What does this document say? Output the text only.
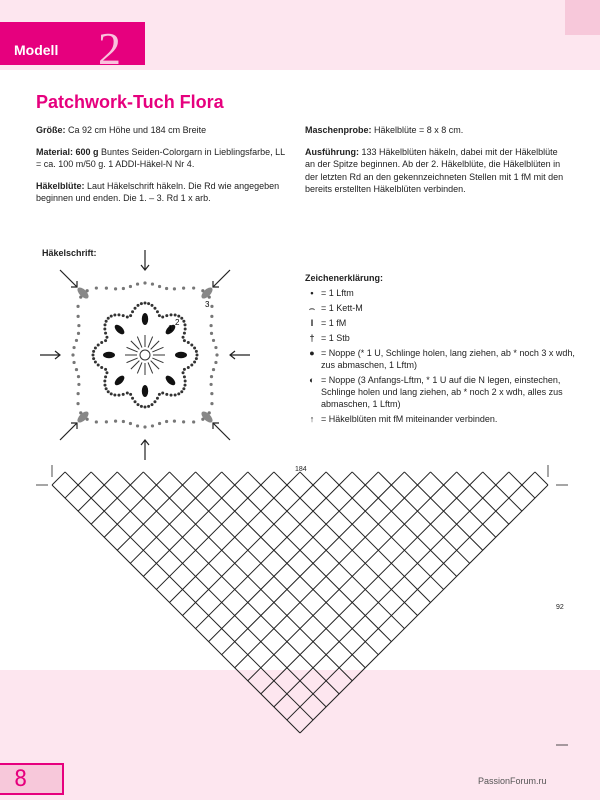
Modell 2
Patchwork-Tuch Flora

Größe: Ca 92 cm Höhe und 184 cm Breite

Material: 600 g Buntes Seiden-Colorgarn in Lieblingsfarbe, LL = ca. 100 m/50 g. 1 ADDI-Häkel-N Nr 4.

Häkelblüte: Laut Häkelschrift häkeln. Die Rd wie angegeben beginnen und enden. Die 1. – 3. Rd 1 x arb.

Maschenprobe: Häkelblüte = 8 x 8 cm.

Ausführung: 133 Häkelblüten häkeln, dabei mit der Häkelblüte an der Spitze beginnen. Ab der 2. Häkelblüte, die Häkelblüten in der letzten Rd an den gekennzeichneten Stellen mit 1 fM mit den bereits erstellten Häkelblüten verbinden.

Häkelschrift:
1
2
3
Zeichenerklärung:
• = 1 Lftm
⌢ = 1 Kett-M
I = 1 fM
† = 1 Stb
● = Noppe (* 1 U, Schlinge holen, lang ziehen, ab * noch 3 x wdh, zus abmaschen, 1 Lftm)
◐ = Noppe (3 Anfangs-Lftm, * 1 U auf die N legen, einstechen, Schlinge holen und lang ziehen, ab * noch 2 x wdh, alles zus abmaschen, 1 Lftm)
↑ = Häkelblüten mit fM miteinander verbinden.
184
92
8	PassionForum.ru
